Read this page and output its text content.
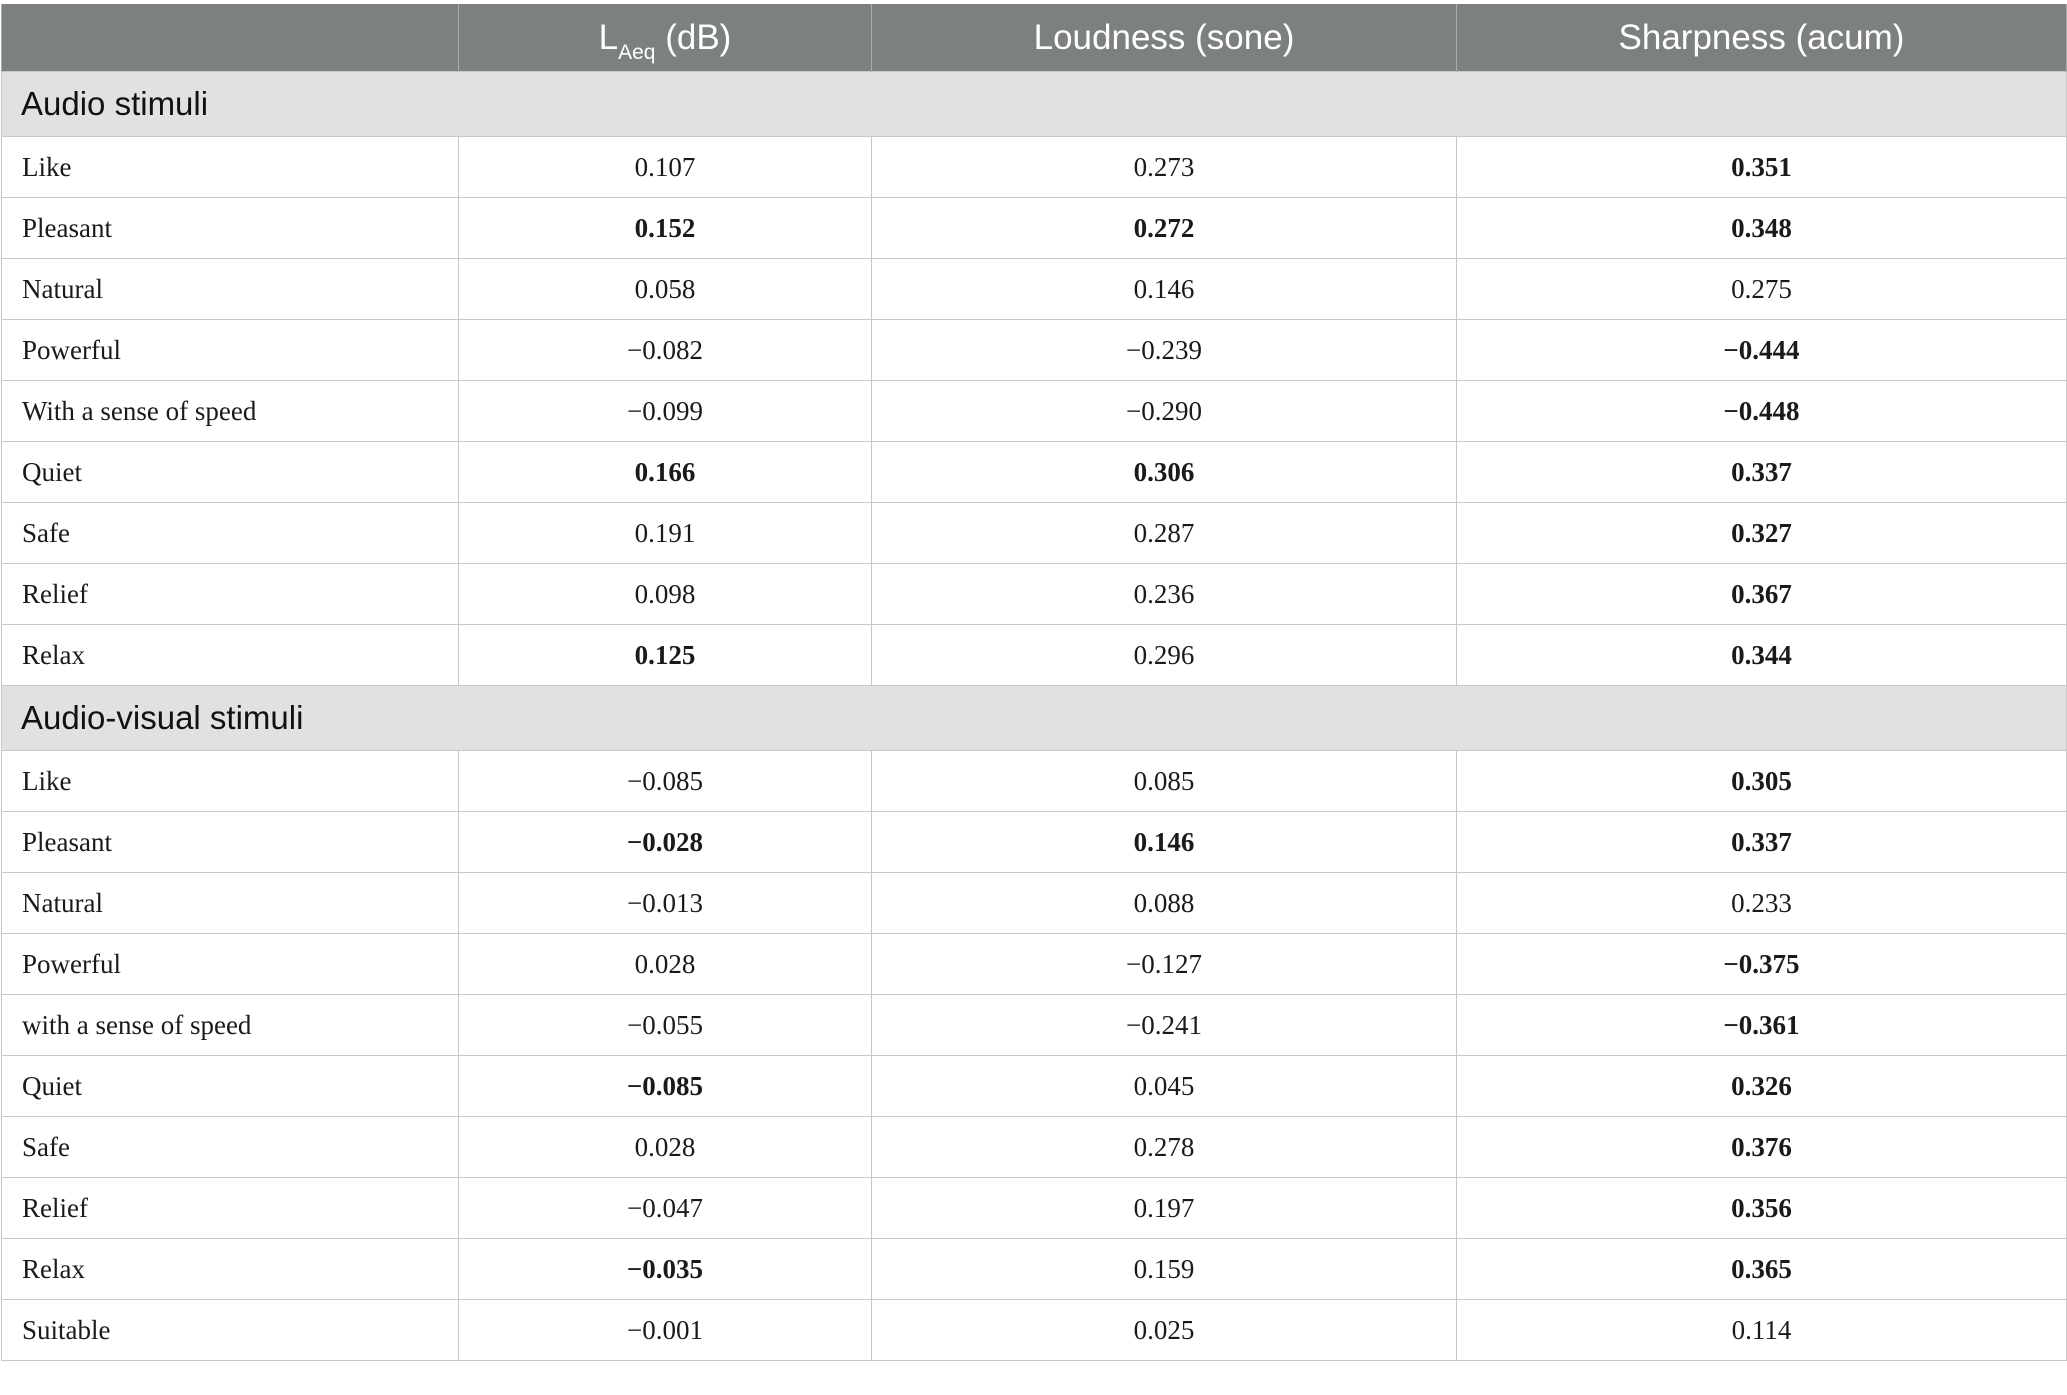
	$L_{Aeq}$ (dB)	Loudness (sone)	Sharpness (acum)
Audio stimuli			
Like	0.107	0.273	0.351
Pleasant	0.152	0.272	0.348
Natural	0.058	0.146	0.275
Powerful	−0.082	−0.239	−0.444
With a sense of speed	−0.099	−0.290	−0.448
Quiet	0.166	0.306	0.337
Safe	0.191	0.287	0.327
Relief	0.098	0.236	0.367
Relax	0.125	0.296	0.344
Audio-visual stimuli			
Like	−0.085	0.085	0.305
Pleasant	−0.028	0.146	0.337
Natural	−0.013	0.088	0.233
Powerful	0.028	−0.127	−0.375
with a sense of speed	−0.055	−0.241	−0.361
Quiet	−0.085	0.045	0.326
Safe	0.028	0.278	0.376
Relief	−0.047	0.197	0.356
Relax	−0.035	0.159	0.365
Suitable	−0.001	0.025	0.114
